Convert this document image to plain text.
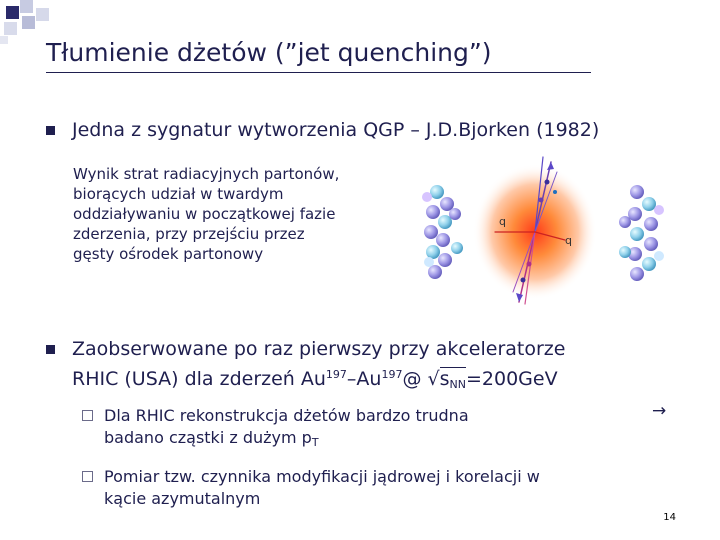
Tłumienie dżetów (”jet quenching”)
Jedna z sygnatur wytworzenia QGP – J.D.Bjorken (1982)
Wynik strat radiacyjnych partonów,
biorących udział w twardym
oddziaływaniu w początkowej fazie
zderzenia, przy przejściu przez
gęsty ośrodek partonowy
q
q
Zaobserwowane po raz pierwszy przy akceleratorze
RHIC (USA) dla zderzeń Au$^{197}$–Au$^{197}$@ √sNN=200GeV
Dla RHIC rekonstrukcja dżetów bardzo trudna
badano cząstki z dużym pT
→
Pomiar tzw. czynnika modyfikacji jądrowej i korelacji w
kącie azymutalnym
14
